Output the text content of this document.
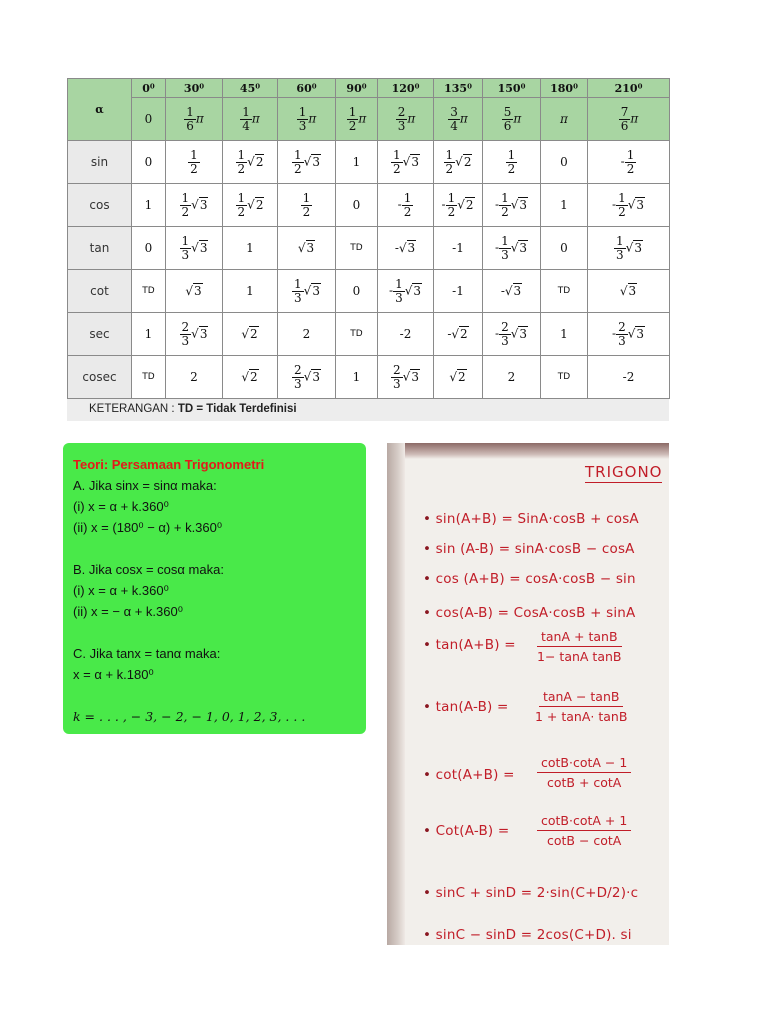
α	0⁰	30⁰	45⁰	60⁰	90⁰	120⁰	135⁰	150⁰	180⁰	210⁰
	0	$\frac{1}{6}$ π	$\frac{1}{4}$ π	$\frac{1}{3}$ π	$\frac{1}{2}$ π	$\frac{2}{3}$ π	$\frac{3}{4}$ π	$\frac{5}{6}$ π	π	$\frac{7}{6}$ π
sin	0	$\frac{1}{2}$	$\frac{1}{2} √2$	$\frac{1}{2} √3$	1	$\frac{1}{2} √3$	$\frac{1}{2} √2$	$\frac{1}{2}$	0	- $\frac{1}{2}$

cos	1	$\frac{1}{2} √3$	$\frac{1}{2} √2$	$\frac{1}{2}$	0	- $\frac{1}{2}$	- $\frac{1}{2} √2$	- $\frac{1}{2} √3$	1	- $\frac{1}{2} √3$
tan	0	$\frac{1}{3} √3$	1	√3	TD	-√3	-1	- $\frac{1}{3} √3$	0	$\frac{1}{3} √3$
cot	TD	√3	1	$\frac{1}{3} √3$	0	- $\frac{1}{3} √3$	-1	-√3	TD	√3
sec	1	$\frac{2}{3} √3$	√2	2	TD	-2	-√2	- $\frac{2}{3} √3$	1	- $\frac{2}{3} √3$
cosec	TD	2	√2	$\frac{2}{3} √3$	1	$\frac{2}{3} √3$	√2	2	TD	-2
KETERANGAN : TD = Tidak Terdefinisi
Teori: Persamaan Trigonometri
A. Jika sinx = sinα maka:
(i) x = α + k.360⁰
(ii) x = (180⁰ − α) + k.360⁰
B. Jika cosx = cosα maka:
(i) x = α + k.360⁰
(ii) x = − α + k.360⁰
C. Jika tanx = tanα maka:
x = α + k.180⁰
k = . . . , − 3, − 2, − 1, 0, 1, 2, 3, . . .
TRIGONO
• sin(A+B) = SinA·cosB + cosA
• sin (A-B) = sinA·cosB − cosA
• cos (A+B) = cosA·cosB − sin
• cos(A-B) = CosA·cosB + sinA
• tan(A+B) =
tanA + tanB
1− tanA tanB
• tan(A-B) =
tanA − tanB
1 + tanA· tanB
• cot(A+B) =
cotB·cotA − 1
cotB + cotA
• Cot(A-B) =
cotB·cotA + 1
cotB − cotA
• sinC + sinD = 2·sin(C+D/2)·c
• sinC − sinD = 2cos(C+D). si
